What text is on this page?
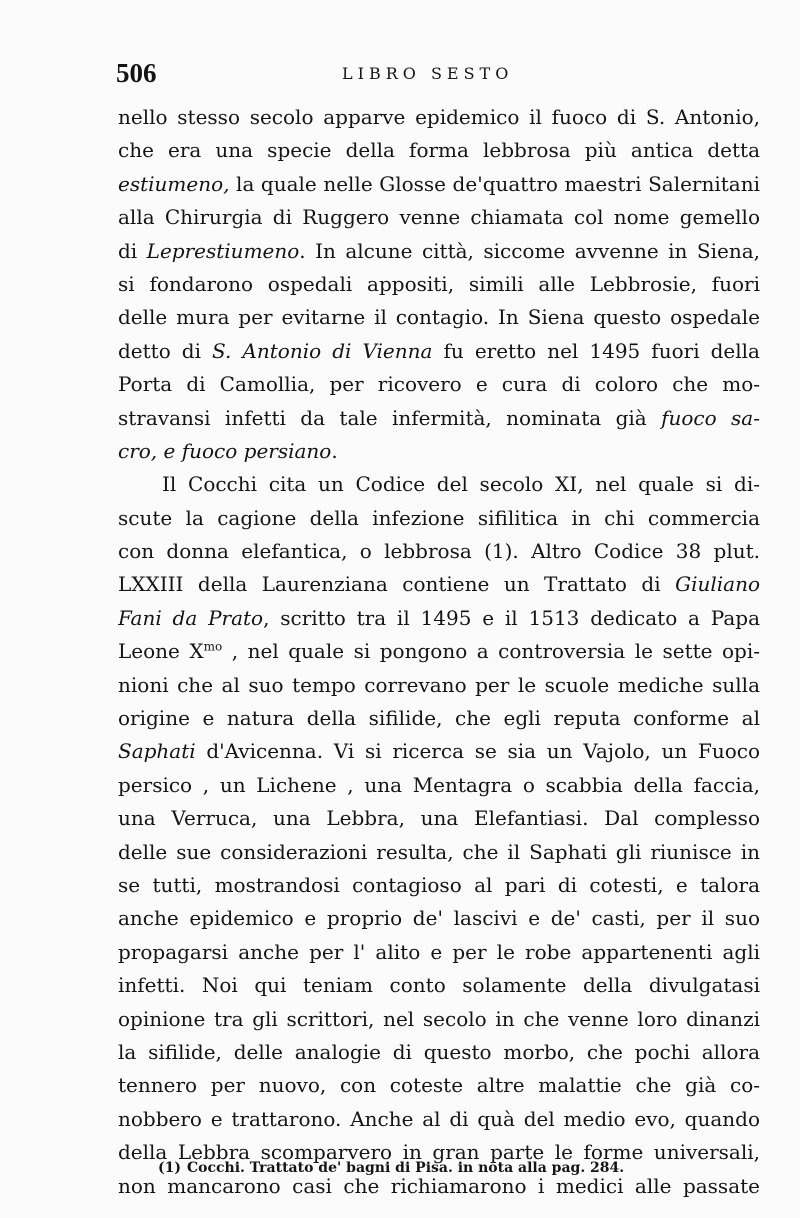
506	LIBRO SESTO
nello stesso secolo apparve epidemico il fuoco di S. Antonio,
che era una specie della forma lebbrosa più antica detta
estiumeno, la quale nelle Glosse de'quattro maestri Salernitani
alla Chirurgia di Ruggero venne chiamata col nome gemello
di Leprestiumeno. In alcune città, siccome avvenne in Siena,
si fondarono ospedali appositi, simili alle Lebbrosie, fuori
delle mura per evitarne il contagio. In Siena questo ospedale
detto di S. Antonio di Vienna fu eretto nel 1495 fuori della
Porta di Camollia, per ricovero e cura di coloro che mo-
stravansi infetti da tale infermità, nominata già fuoco sa-
cro, e fuoco persiano.
Il Cocchi cita un Codice del secolo XI, nel quale si di-
scute la cagione della infezione sifilitica in chi commercia
con donna elefantica, o lebbrosa (1). Altro Codice 38 plut.
LXXIII della Laurenziana contiene un Trattato di Giuliano
Fani da Prato, scritto tra il 1495 e il 1513 dedicato a Papa
Leone $X^{mo}$ , nel quale si pongono a controversia le sette opi-
nioni che al suo tempo correvano per le scuole mediche sulla
origine e natura della sifilide, che egli reputa conforme al
Saphati d'Avicenna. Vi si ricerca se sia un Vajolo, un Fuoco
persico , un Lichene , una Mentagra o scabbia della faccia,
una Verruca, una Lebbra, una Elefantiasi. Dal complesso
delle sue considerazioni resulta, che il Saphati gli riunisce in
se tutti, mostrandosi contagioso al pari di cotesti, e talora
anche epidemico e proprio de' lascivi e de' casti, per il suo
propagarsi anche per l' alito e per le robe appartenenti agli
infetti. Noi qui teniam conto solamente della divulgatasi
opinione tra gli scrittori, nel secolo in che venne loro dinanzi
la sifilide, delle analogie di questo morbo, che pochi allora
tennero per nuovo, con coteste altre malattie che già co-
nobbero e trattarono. Anche al di quà del medio evo, quando
della Lebbra scomparvero in gran parte le forme universali,
non mancarono casi che richiamarono i medici alle passate
(1) Cocchi. Trattato de' bagni di Pisa. in nota alla pag. 284.
